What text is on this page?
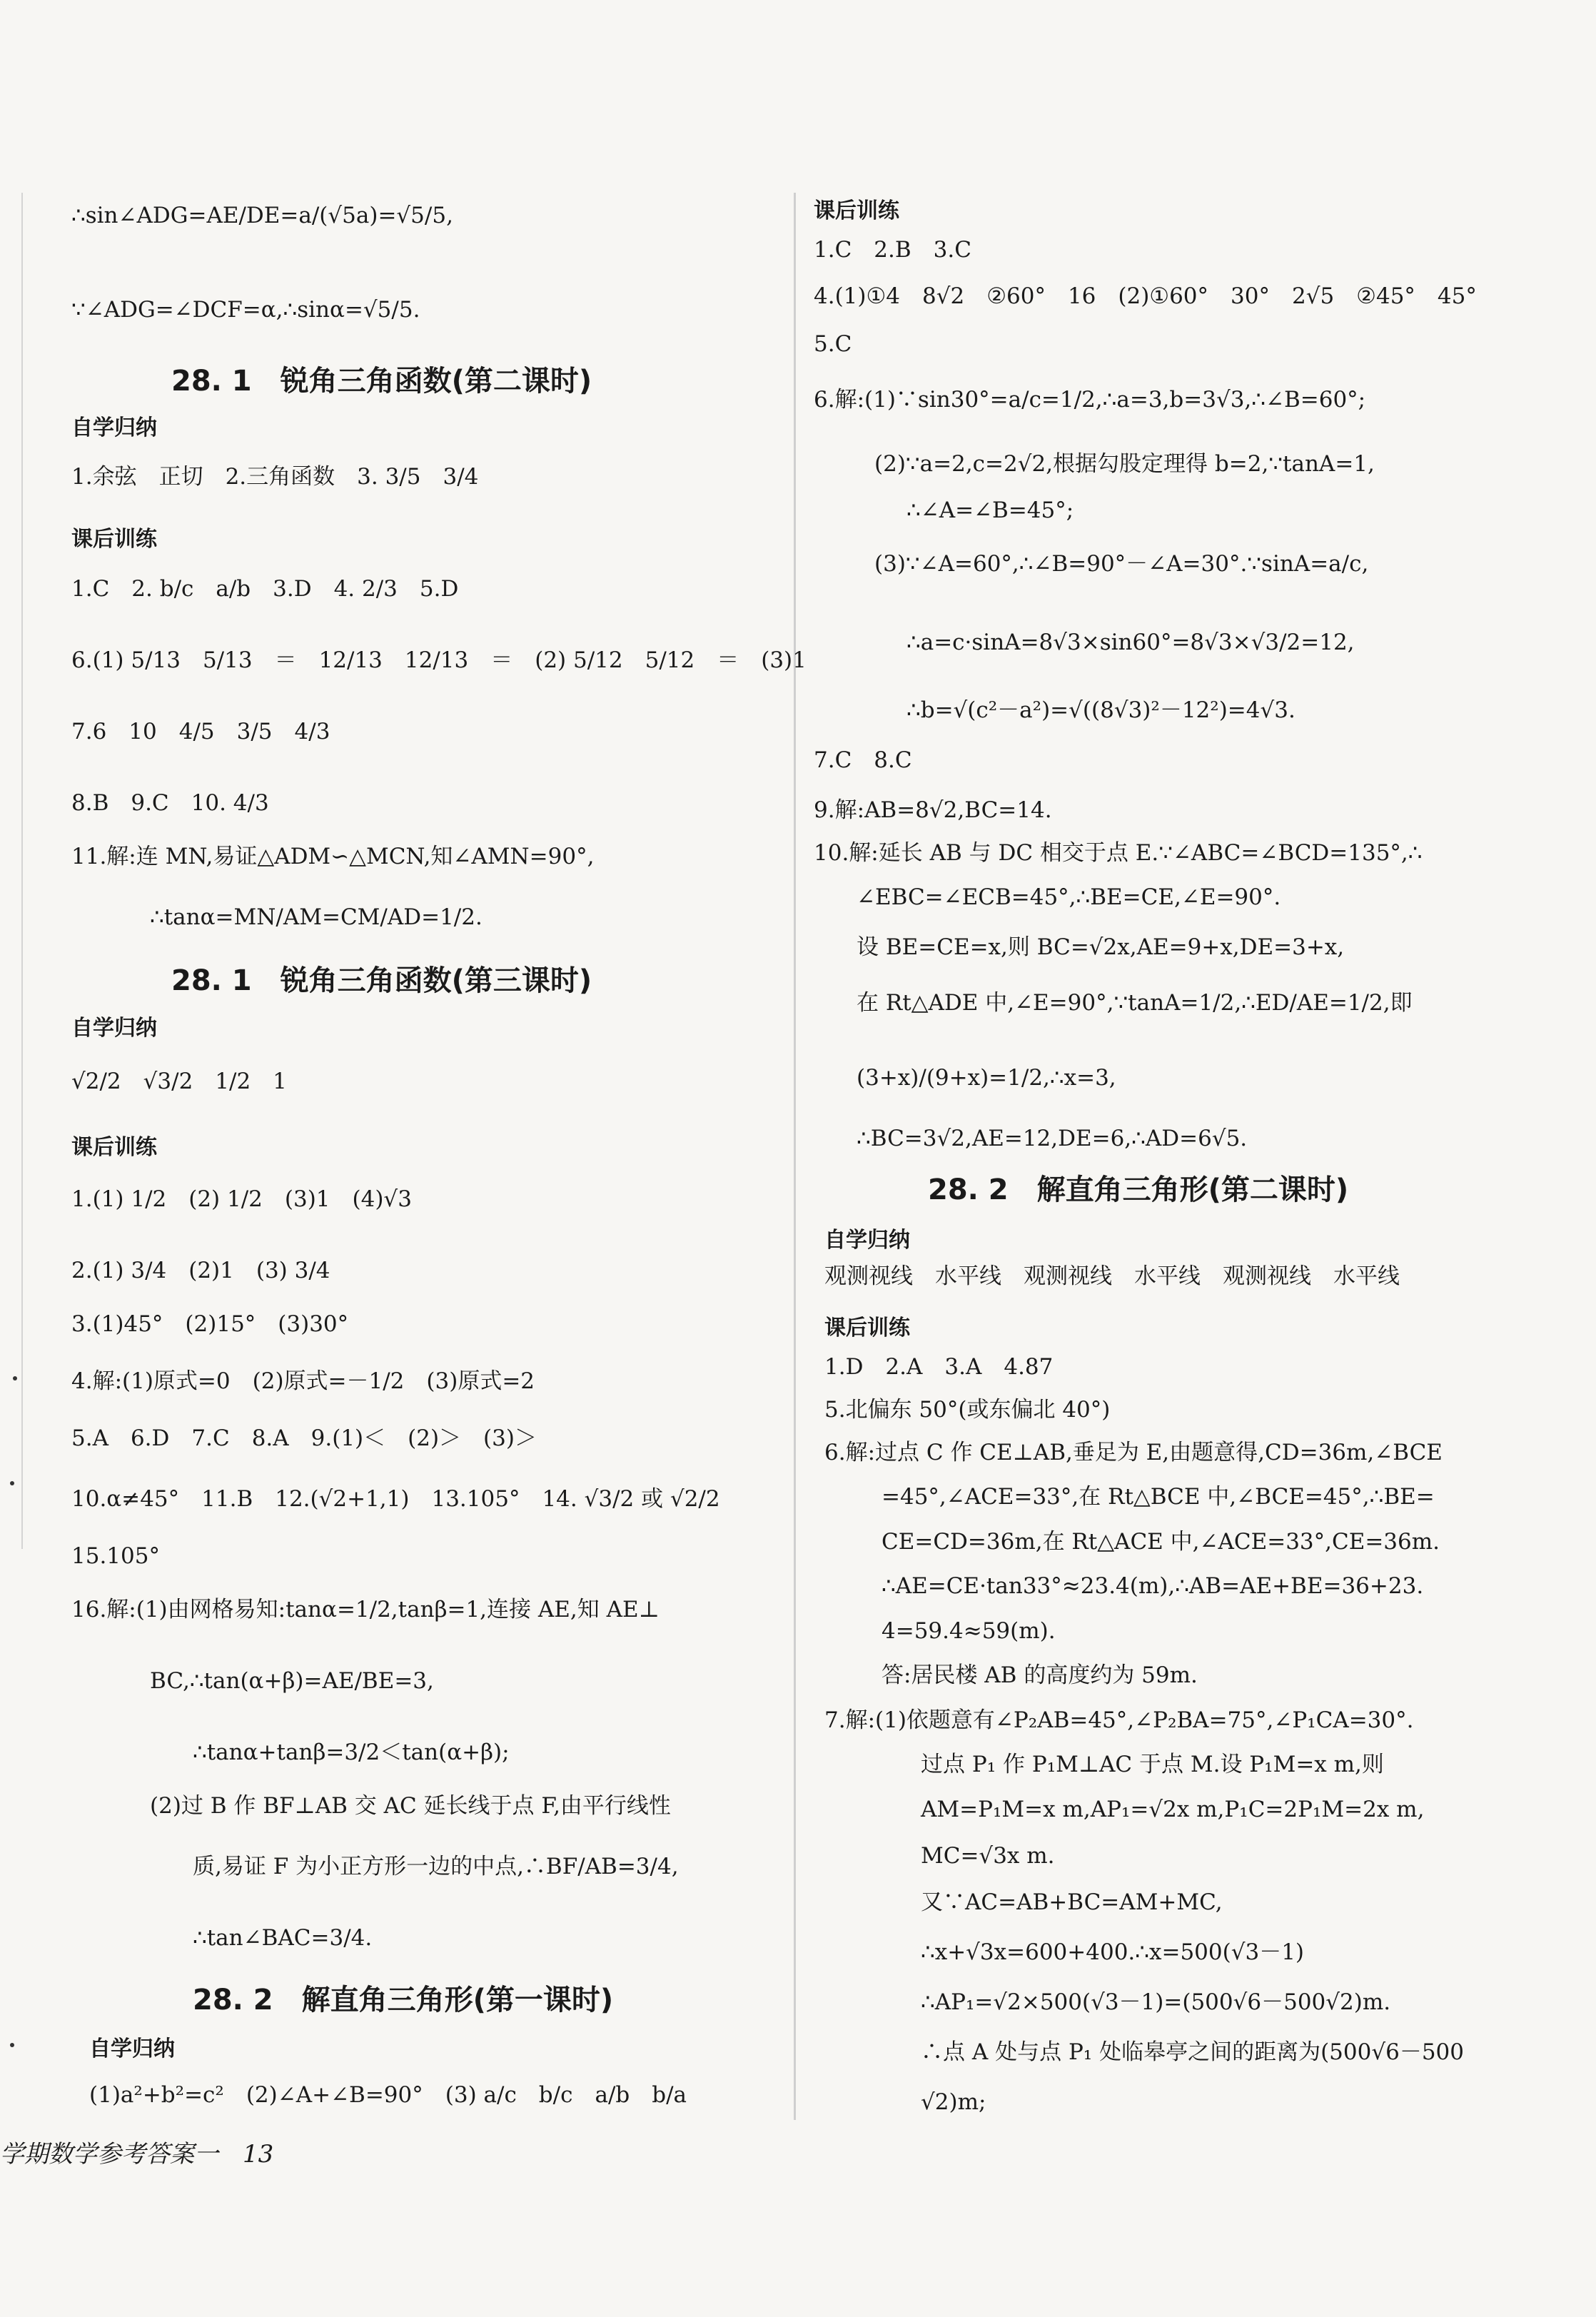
∴sin∠ADG=AE/DE=a/(√5a)=√5/5,
∵∠ADG=∠DCF=α,∴sinα=√5/5.
28. 1　锐角三角函数(第二课时)
自学归纳
1.余弦　正切　2.三角函数　3. 3/5　3/4
课后训练
1.C　2. b/c　a/b　3.D　4. 2/3　5.D
6.(1) 5/13　5/13　＝　12/13　12/13　＝　(2) 5/12　5/12　＝　(3)1
7.6　10　4/5　3/5　4/3
8.B　9.C　10. 4/3
11.解:连 MN,易证△ADM∽△MCN,知∠AMN=90°,
∴tanα=MN/AM=CM/AD=1/2.
28. 1　锐角三角函数(第三课时)
自学归纳
√2/2　√3/2　1/2　1
课后训练
1.(1) 1/2　(2) 1/2　(3)1　(4)√3
2.(1) 3/4　(2)1　(3) 3/4
3.(1)45°　(2)15°　(3)30°
4.解:(1)原式=0　(2)原式=－1/2　(3)原式=2
5.A　6.D　7.C　8.A　9.(1)＜　(2)＞　(3)＞
10.α≠45°　11.B　12.(√2+1,1)　13.105°　14. √3/2 或 √2/2
15.105°
16.解:(1)由网格易知:tanα=1/2,tanβ=1,连接 AE,知 AE⊥
BC,∴tan(α+β)=AE/BE=3,
∴tanα+tanβ=3/2＜tan(α+β);
(2)过 B 作 BF⊥AB 交 AC 延长线于点 F,由平行线性
质,易证 F 为小正方形一边的中点,∴BF/AB=3/4,
∴tan∠BAC=3/4.
28. 2　解直角三角形(第一课时)
自学归纳
(1)a²+b²=c²　(2)∠A+∠B=90°　(3) a/c　b/c　a/b　b/a
课后训练
1.C　2.B　3.C
4.(1)①4　8√2　②60°　16　(2)①60°　30°　2√5　②45°　45°
5.C
6.解:(1)∵sin30°=a/c=1/2,∴a=3,b=3√3,∴∠B=60°;
(2)∵a=2,c=2√2,根据勾股定理得 b=2,∵tanA=1,
∴∠A=∠B=45°;
(3)∵∠A=60°,∴∠B=90°－∠A=30°.∵sinA=a/c,
∴a=c·sinA=8√3×sin60°=8√3×√3/2=12,
∴b=√(c²－a²)=√((8√3)²－12²)=4√3.
7.C　8.C
9.解:AB=8√2,BC=14.
10.解:延长 AB 与 DC 相交于点 E.∵∠ABC=∠BCD=135°,∴
∠EBC=∠ECB=45°,∴BE=CE,∠E=90°.
设 BE=CE=x,则 BC=√2x,AE=9+x,DE=3+x,
在 Rt△ADE 中,∠E=90°,∵tanA=1/2,∴ED/AE=1/2,即
(3+x)/(9+x)=1/2,∴x=3,
∴BC=3√2,AE=12,DE=6,∴AD=6√5.
28. 2　解直角三角形(第二课时)
自学归纳
观测视线　水平线　观测视线　水平线　观测视线　水平线
课后训练
1.D　2.A　3.A　4.87
5.北偏东 50°(或东偏北 40°)
6.解:过点 C 作 CE⊥AB,垂足为 E,由题意得,CD=36m,∠BCE
=45°,∠ACE=33°,在 Rt△BCE 中,∠BCE=45°,∴BE=
CE=CD=36m,在 Rt△ACE 中,∠ACE=33°,CE=36m.
∴AE=CE·tan33°≈23.4(m),∴AB=AE+BE=36+23.
4=59.4≈59(m).
答:居民楼 AB 的高度约为 59m.
7.解:(1)依题意有∠P₂AB=45°,∠P₂BA=75°,∠P₁CA=30°.
过点 P₁ 作 P₁M⊥AC 于点 M.设 P₁M=x m,则
AM=P₁M=x m,AP₁=√2x m,P₁C=2P₁M=2x m,
MC=√3x m.
又∵AC=AB+BC=AM+MC,
∴x+√3x=600+400.∴x=500(√3－1)
∴AP₁=√2×500(√3－1)=(500√6－500√2)m.
∴点 A 处与点 P₁ 处临皋亭之间的距离为(500√6－500
√2)m;
学期数学参考答案一　13
